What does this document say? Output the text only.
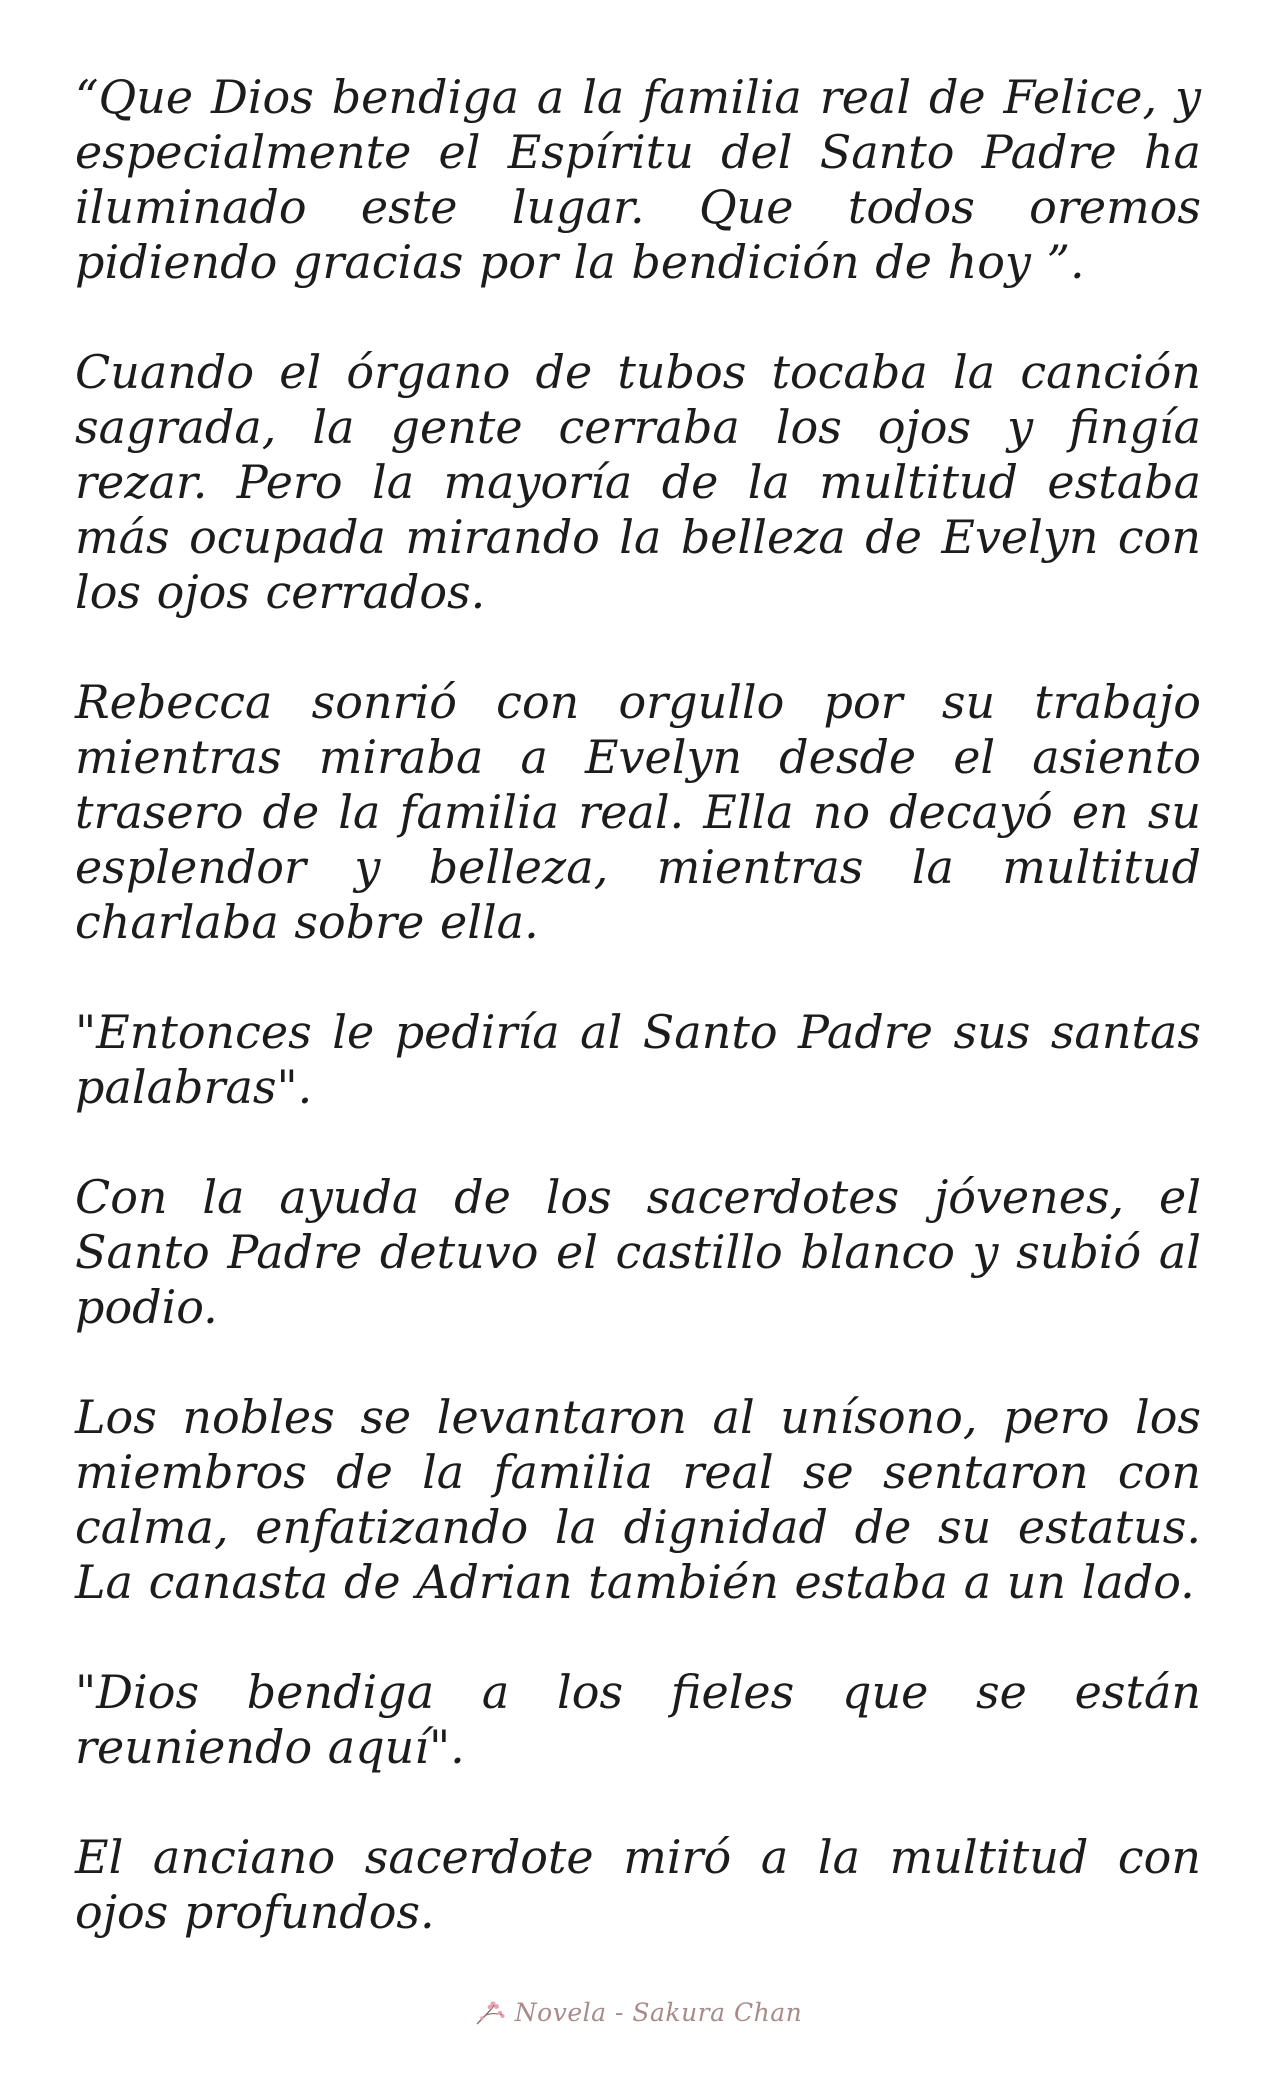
“Que Dios bendiga a la familia real de Felice, y especialmente el Espíritu del Santo Padre ha iluminado este lugar. Que todos oremos pidiendo gracias por la bendición de hoy ”.

Cuando el órgano de tubos tocaba la canción sagrada, la gente cerraba los ojos y fingía rezar. Pero la mayoría de la multitud estaba más ocupada mirando la belleza de Evelyn con los ojos cerrados.

Rebecca sonrió con orgullo por su trabajo mientras miraba a Evelyn desde el asiento trasero de la familia real. Ella no decayó en su esplendor y belleza, mientras la multitud charlaba sobre ella.

"Entonces le pediría al Santo Padre sus santas palabras".

Con la ayuda de los sacerdotes jóvenes, el Santo Padre detuvo el castillo blanco y subió al podio.

Los nobles se levantaron al unísono, pero los miembros de la familia real se sentaron con calma, enfatizando la dignidad de su estatus. La canasta de Adrian también estaba a un lado.

"Dios bendiga a los fieles que se están reuniendo aquí".

El anciano sacerdote miró a la multitud con ojos profundos.

Novela - Sakura Chan
